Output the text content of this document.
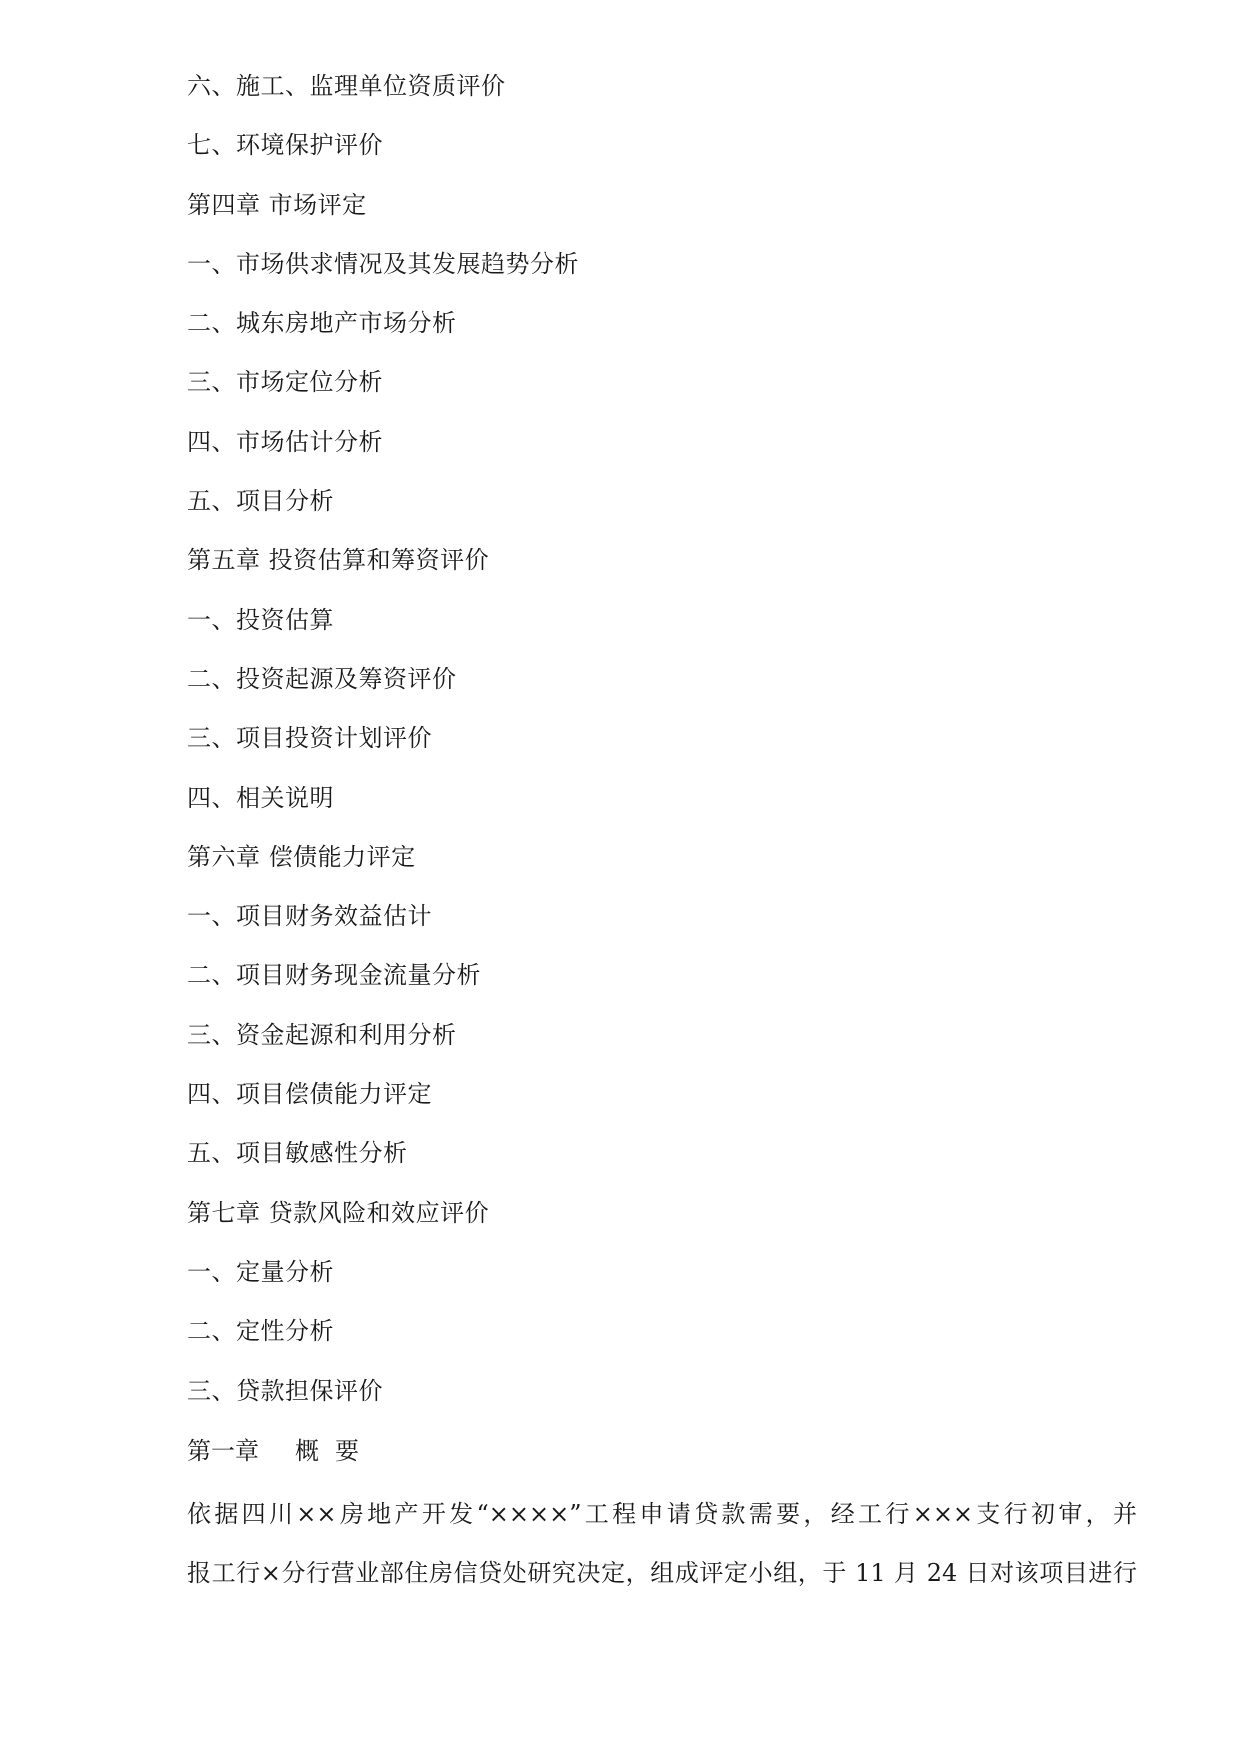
六、施工、监理单位资质评价
七、环境保护评价
第四章 市场评定
一、市场供求情况及其发展趋势分析
二、城东房地产市场分析
三、市场定位分析
四、市场估计分析
五、项目分析
第五章 投资估算和筹资评价
一、投资估算
二、投资起源及筹资评价
三、项目投资计划评价
四、相关说明
第六章 偿债能力评定
一、项目财务效益估计
二、项目财务现金流量分析
三、资金起源和利用分析
四、项目偿债能力评定
五、项目敏感性分析
第七章 贷款风险和效应评价
一、定量分析
二、定性分析
三、贷款担保评价
第一章 概要

依据四川××房地产开发“××××”工程申请贷款需要，经工行×××支行初审，并
报工行×分行营业部住房信贷处研究决定，组成评定小组，于 11 月 24 日对该项目进行
